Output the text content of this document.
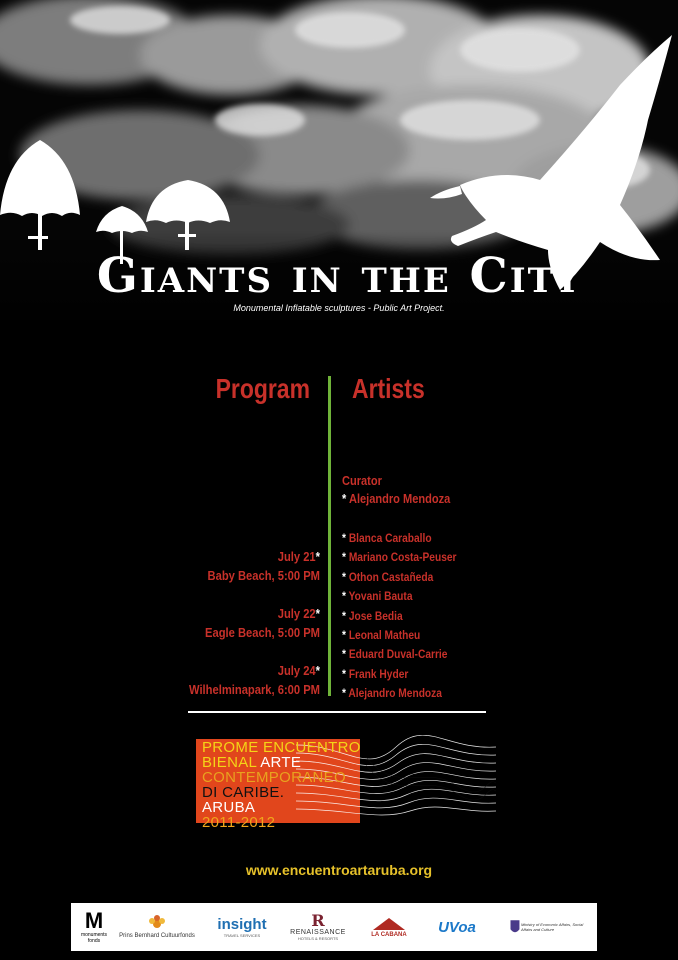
Giants in the City
Monumental Inflatable sculptures - Public Art Project.
Program Artists
Curator
* Alejandro Mendoza
* Blanca Caraballo
* Mariano Costa-Peuser
* Othon Castañeda
* Yovani Bauta
* Jose Bedia
* Leonal Matheu
* Eduard Duval-Carrie
* Frank Hyder
* Alejandro Mendoza
July 21*
Baby Beach, 5:00 PM
July 22*
Eagle Beach, 5:00 PM
July 24*
Wilhelminapark, 6:00 PM
PROME ENCUENTRO
BIENAL ARTE
CONTEMPORANEO
DI CARIBE.
ARUBA
2011-2012
www.encuentroartaruba.org
M
monuments fonds
Prins Bernhard Cultuurfonds
insight
TRAVEL SERVICES
R
RENAISSANCE
HOTELS & RESORTS
LA CABANA UVoa	Ministry of Economic Affairs, Social Affairs and Culture
